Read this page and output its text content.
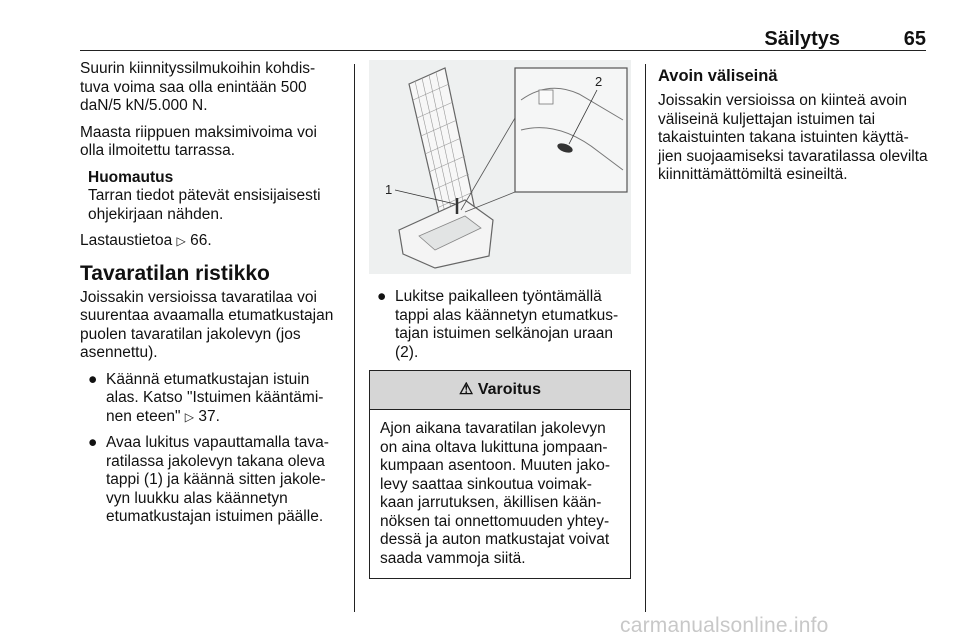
Säilytys	65

Suurin kiinnityssilmukoihin kohdis-tuva voima saa olla enintään 500 daN/5 kN/5.000 N.

Maasta riippuen maksimivoima voi olla ilmoitettu tarrassa.

Huomautus
Tarran tiedot pätevät ensisijaisesti ohjekirjaan nähden.

Lastaustietoa ▷ 66.

Tavaratilan ristikko

Joissakin versioissa tavaratilaa voi suurentaa avaamalla etumatkustajan puolen tavaratilan jakolevyn (jos asennettu).

● Käännä etumatkustajan istuin alas. Katso "Istuimen kääntämi-nen eteen" ▷ 37.
● Avaa lukitus vapauttamalla tava-ratilassa jakolevyn takana oleva tappi (1) ja käännä sitten jakole-vyn luukku alas käännetyn etumatkustajan istuimen päälle.
1
2
● Lukitse paikalleen työntämällä tappi alas käännetyn etumatkus-tajan istuimen selkänojan uraan (2).
⚠ Varoitus
Ajon aikana tavaratilan jakolevyn on aina oltava lukittuna jompaan-kumpaan asentoon. Muuten jako-levy saattaa sinkoutua voimak-kaan jarrutuksen, äkillisen kään-nöksen tai onnettomuuden yhtey-dessä ja auton matkustajat voivat saada vammoja siitä.
Avoin väliseinä

Joissakin versioissa on kiinteä avoin väliseinä kuljettajan istuimen tai takaistuinten takana istuinten käyttä-jien suojaamiseksi tavaratilassa olevilta kiinnittämättömiltä esineiltä.

carmanualsonline.info
